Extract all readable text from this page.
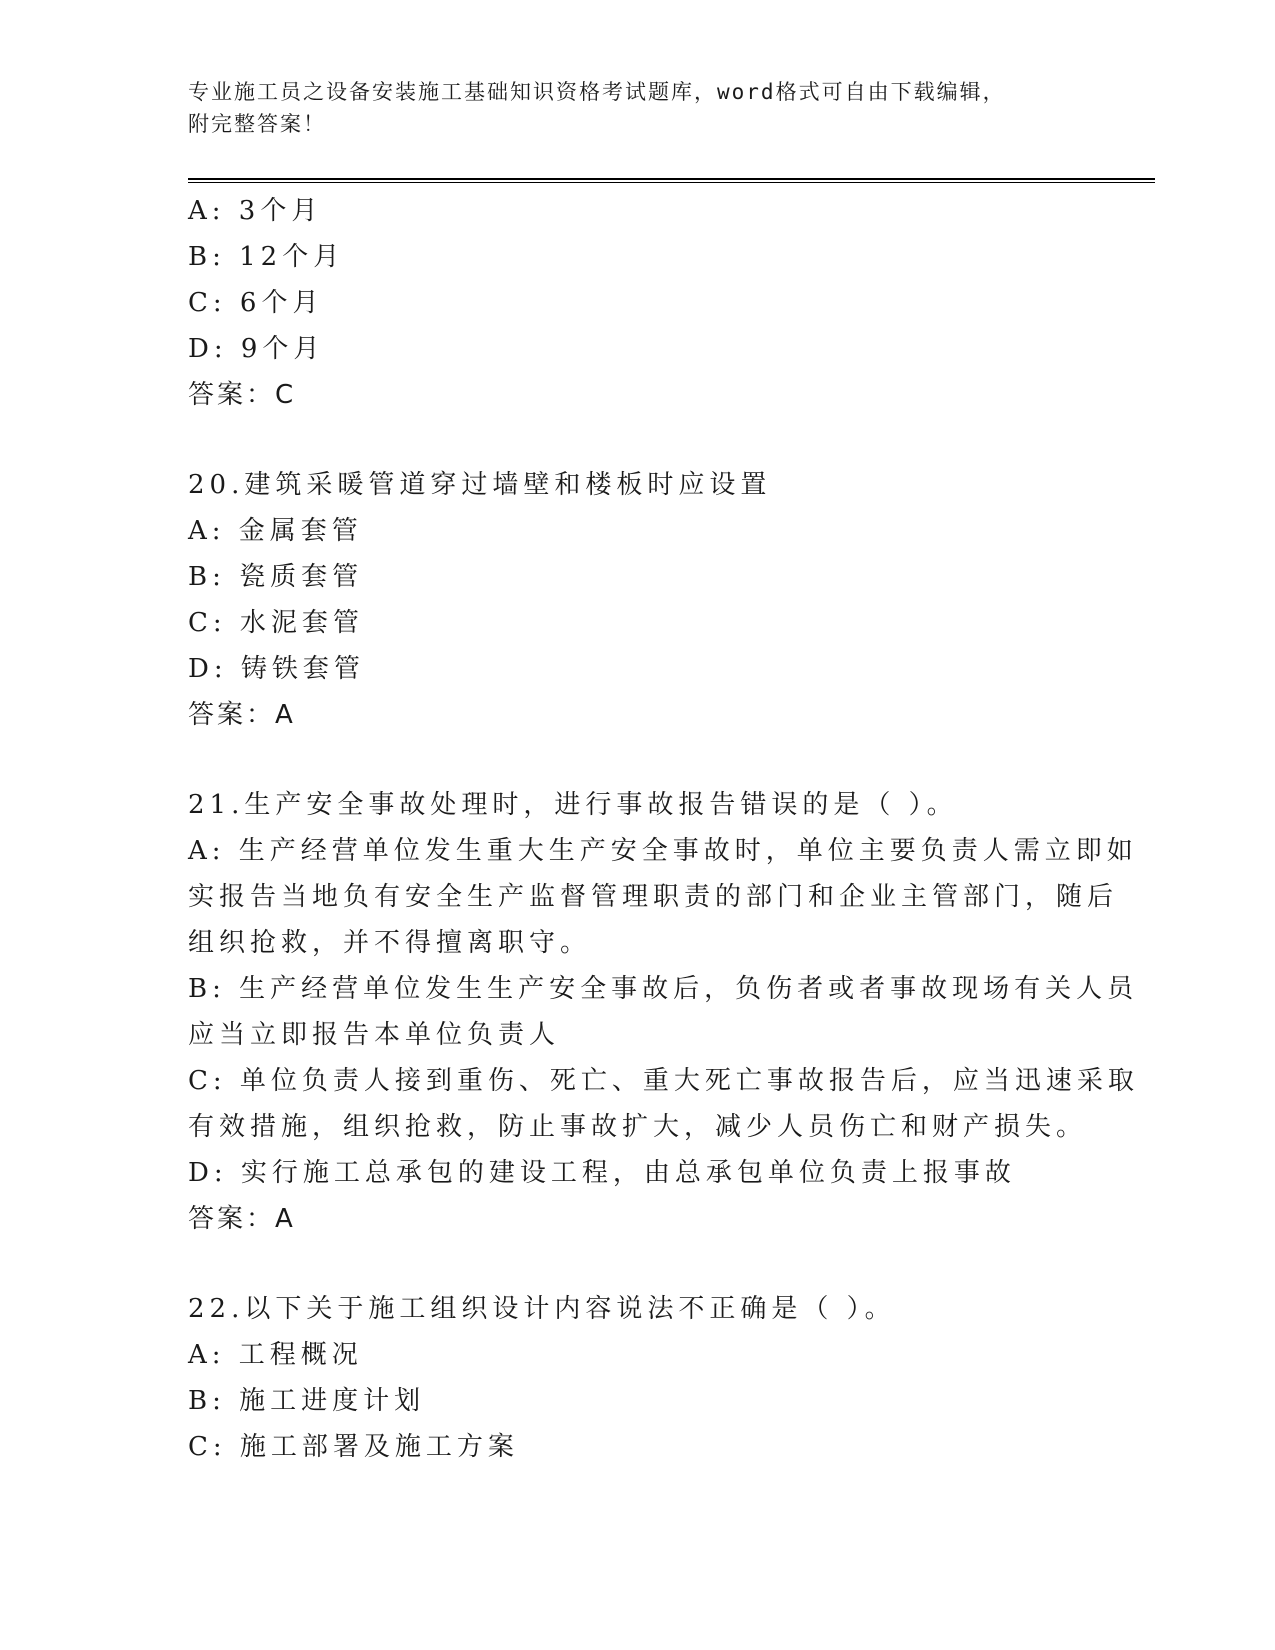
专业施工员之设备安装施工基础知识资格考试题库，word格式可自由下载编辑，
附完整答案！
A: 3个月
B: 12个月
C: 6个月
D: 9个月
答案：C
20.建筑采暖管道穿过墙壁和楼板时应设置
A: 金属套管
B: 瓷质套管
C: 水泥套管
D: 铸铁套管
答案：A
21.生产安全事故处理时，进行事故报告错误的是（ ）。
A: 生产经营单位发生重大生产安全事故时，单位主要负责人需立即如
实报告当地负有安全生产监督管理职责的部门和企业主管部门，随后
组织抢救，并不得擅离职守。
B: 生产经营单位发生生产安全事故后，负伤者或者事故现场有关人员
应当立即报告本单位负责人
C: 单位负责人接到重伤、死亡、重大死亡事故报告后，应当迅速采取
有效措施，组织抢救，防止事故扩大，减少人员伤亡和财产损失。
D: 实行施工总承包的建设工程，由总承包单位负责上报事故
答案：A
22.以下关于施工组织设计内容说法不正确是（ ）。
A: 工程概况
B: 施工进度计划
C: 施工部署及施工方案
